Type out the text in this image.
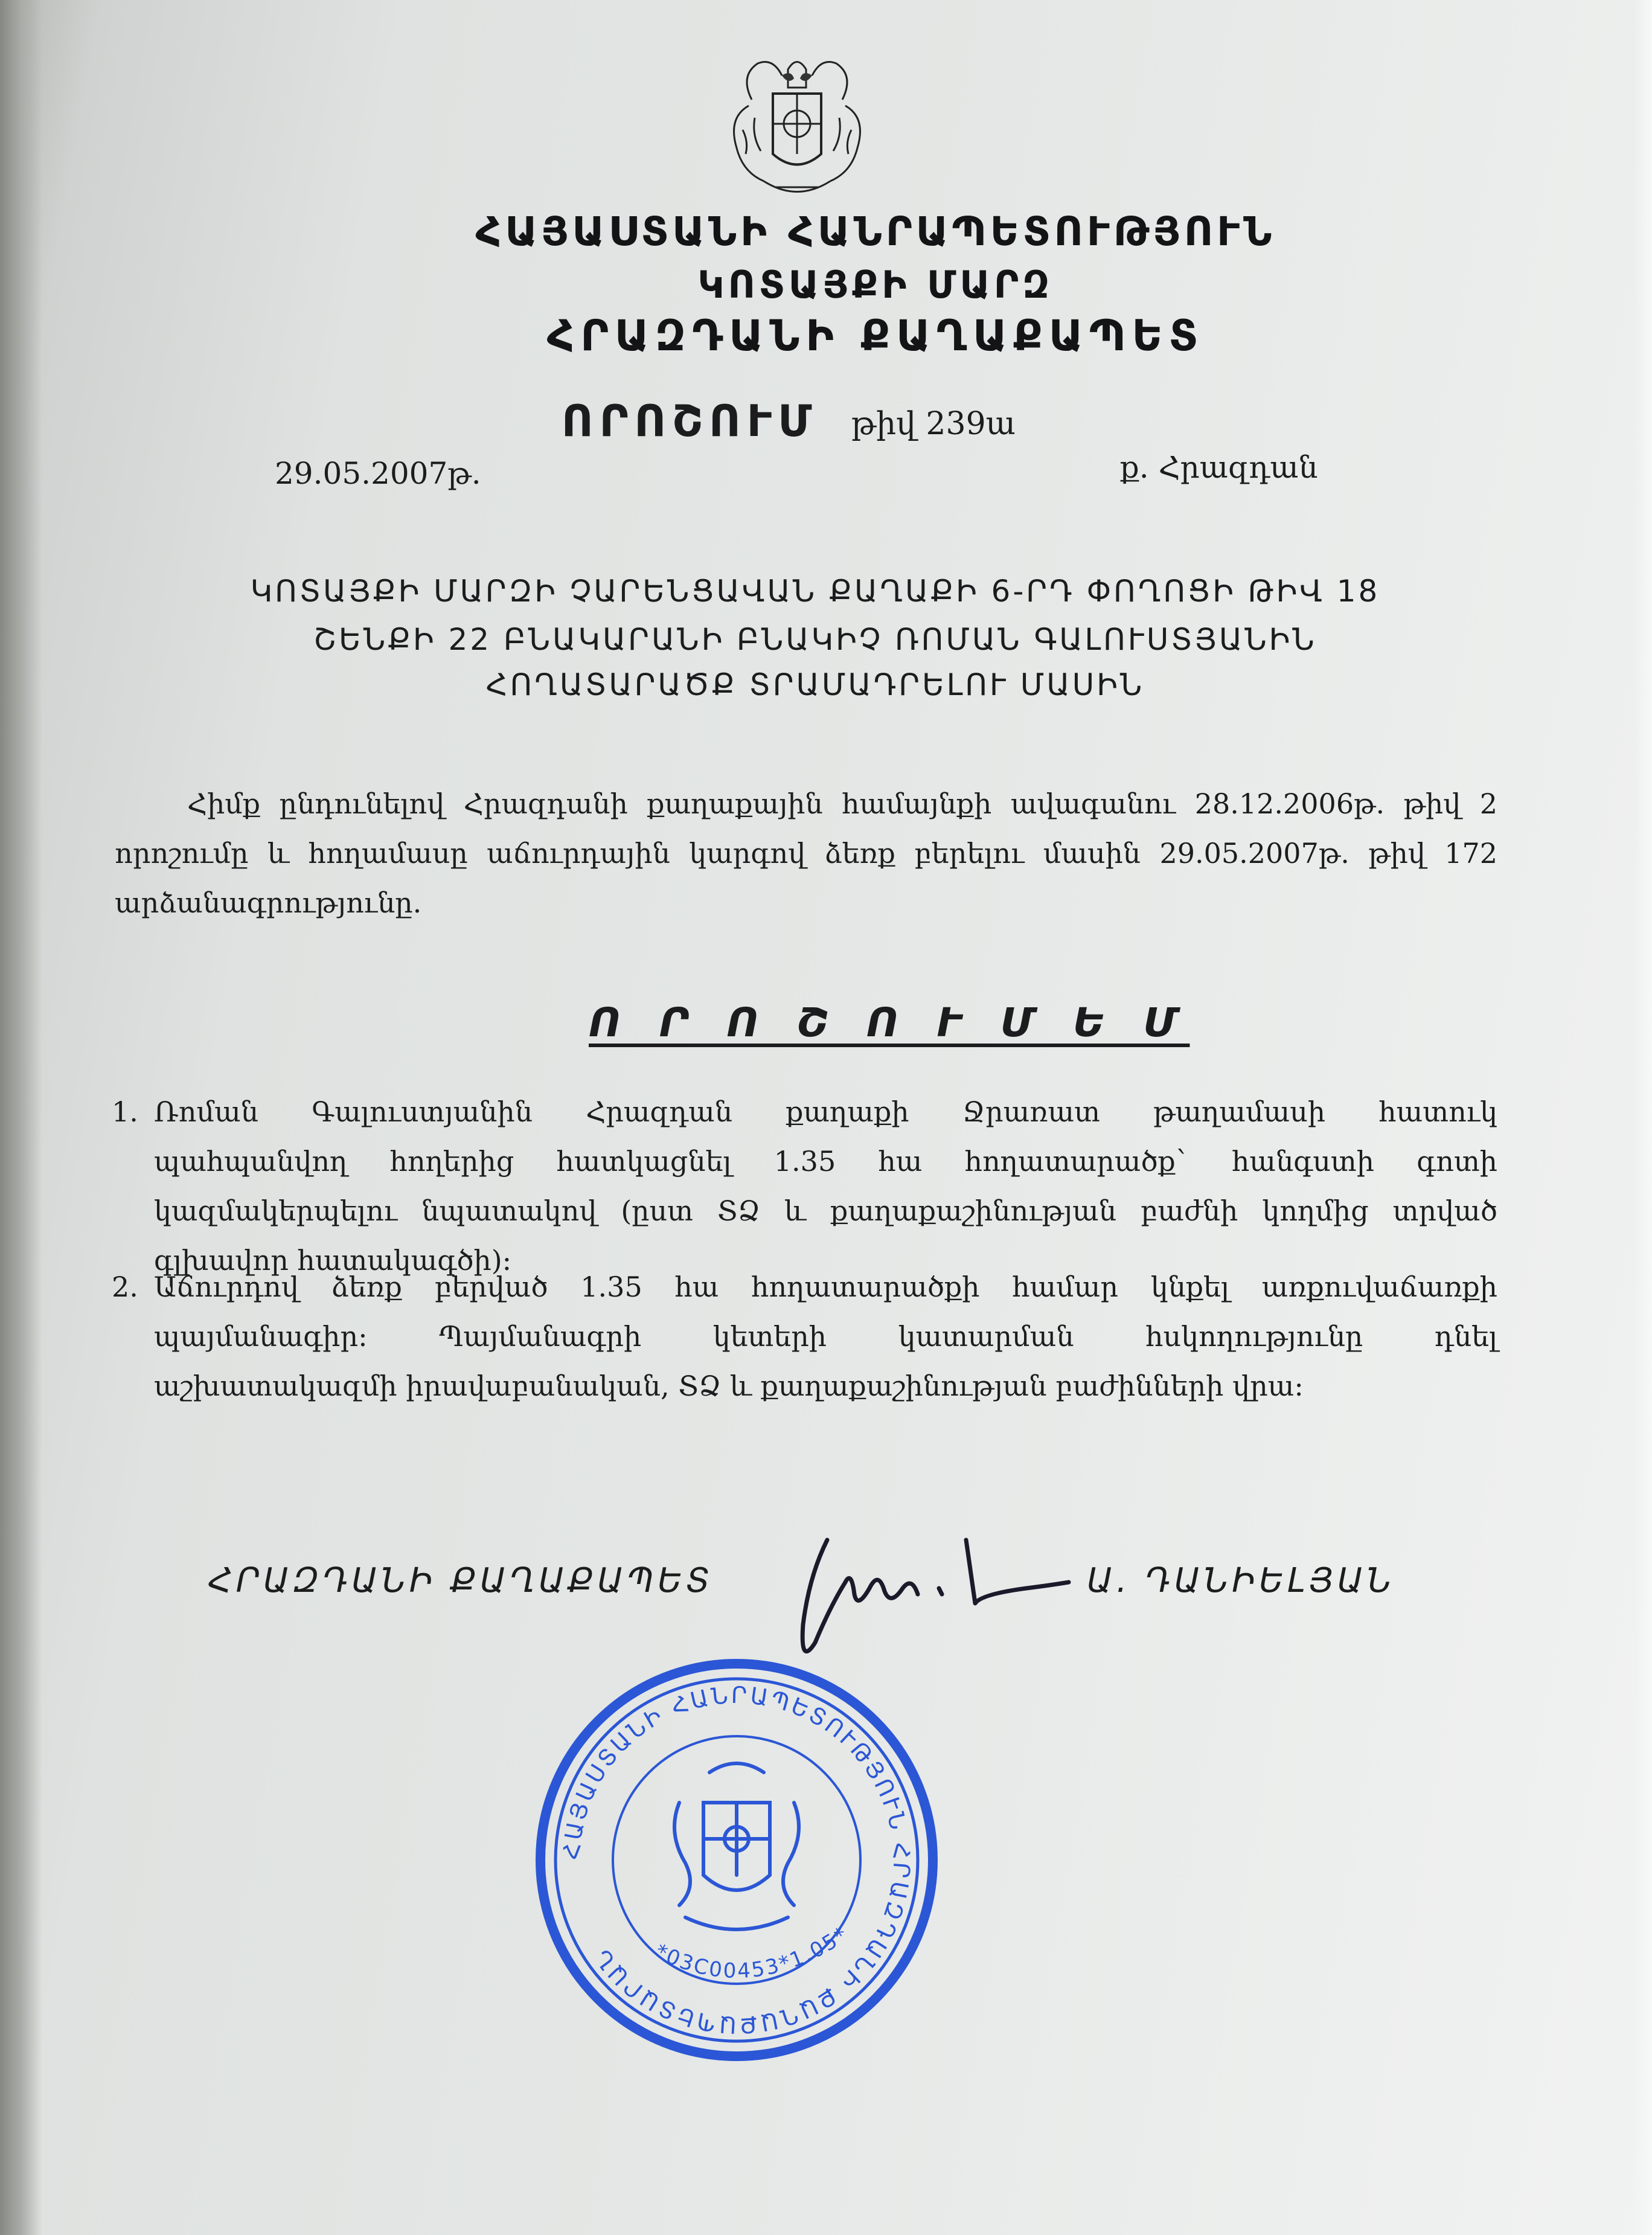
ՀԱՅԱՍՏԱՆԻ ՀԱՆՐԱՊԵՏՈՒԹՅՈՒՆ
ԿՈՏԱՅՔԻ ՄԱՐԶ
ՀՐԱԶԴԱՆԻ ՔԱՂԱՔԱՊԵՏ
ՈՐՈՇՈՒՄ թիվ 239ա
29.05.2007թ.	ք. Հրազդան
ԿՈՏԱՅՔԻ ՄԱՐԶԻ ՉԱՐԵՆՑԱՎԱՆ ՔԱՂԱՔԻ 6-ՐԴ ՓՈՂՈՑԻ ԹԻՎ 18
ՇԵՆՔԻ 22 ԲՆԱԿԱՐԱՆԻ ԲՆԱԿԻՉ ՌՈՄԱՆ ԳԱԼՈՒՍՏՅԱՆԻՆ
ՀՈՂԱՏԱՐԱԾՔ ՏՐԱՄԱԴՐԵԼՈՒ ՄԱՍԻՆ
Հիմք ընդունելով Հրազդանի քաղաքային համայնքի ավագանու 28.12.2006թ. թիվ 2
որոշումը և հողամասը աճուրդային կարգով ձեռք բերելու մասին 29.05.2007թ. թիվ 172
արձանագրությունը.
Ո Ր Ո Շ Ո Ւ Մ Ե Մ
1. Ռոման Գալուստյանին Հրազդան քաղաքի Ջրառատ թաղամասի հատուկ
պահպանվող հողերից հատկացնել 1.35 հա հողատարածք` հանգստի գոտի
կազմակերպելու նպատակով (ըստ ՏՁ և քաղաքաշինության բաժնի կողմից տրված
գլխավոր հատակագծի):
2. Աճուրդով ձեռք բերված 1.35 հա հողատարածքի համար կնքել առքուվաճառքի
պայմանագիր: Պայմանագրի կետերի կատարման հսկողությունը դնել
աշխատակազմի իրավաբանական, ՏՁ և քաղաքաշինության բաժինների վրա:
ՀՐԱԶԴԱՆԻ ՔԱՂԱՔԱՊԵՏ	Ա. ԴԱՆԻԵԼՅԱՆ
ՀԱՅԱՍՏԱՆԻ ՀԱՆՐԱՊԵՏՈՒԹՅՈՒՆ ՀՐԱԶԴԱՆԻ ՔԱՂԱՔԱՊԵՏԱՐԱՆ	*03C00453*1.05*
